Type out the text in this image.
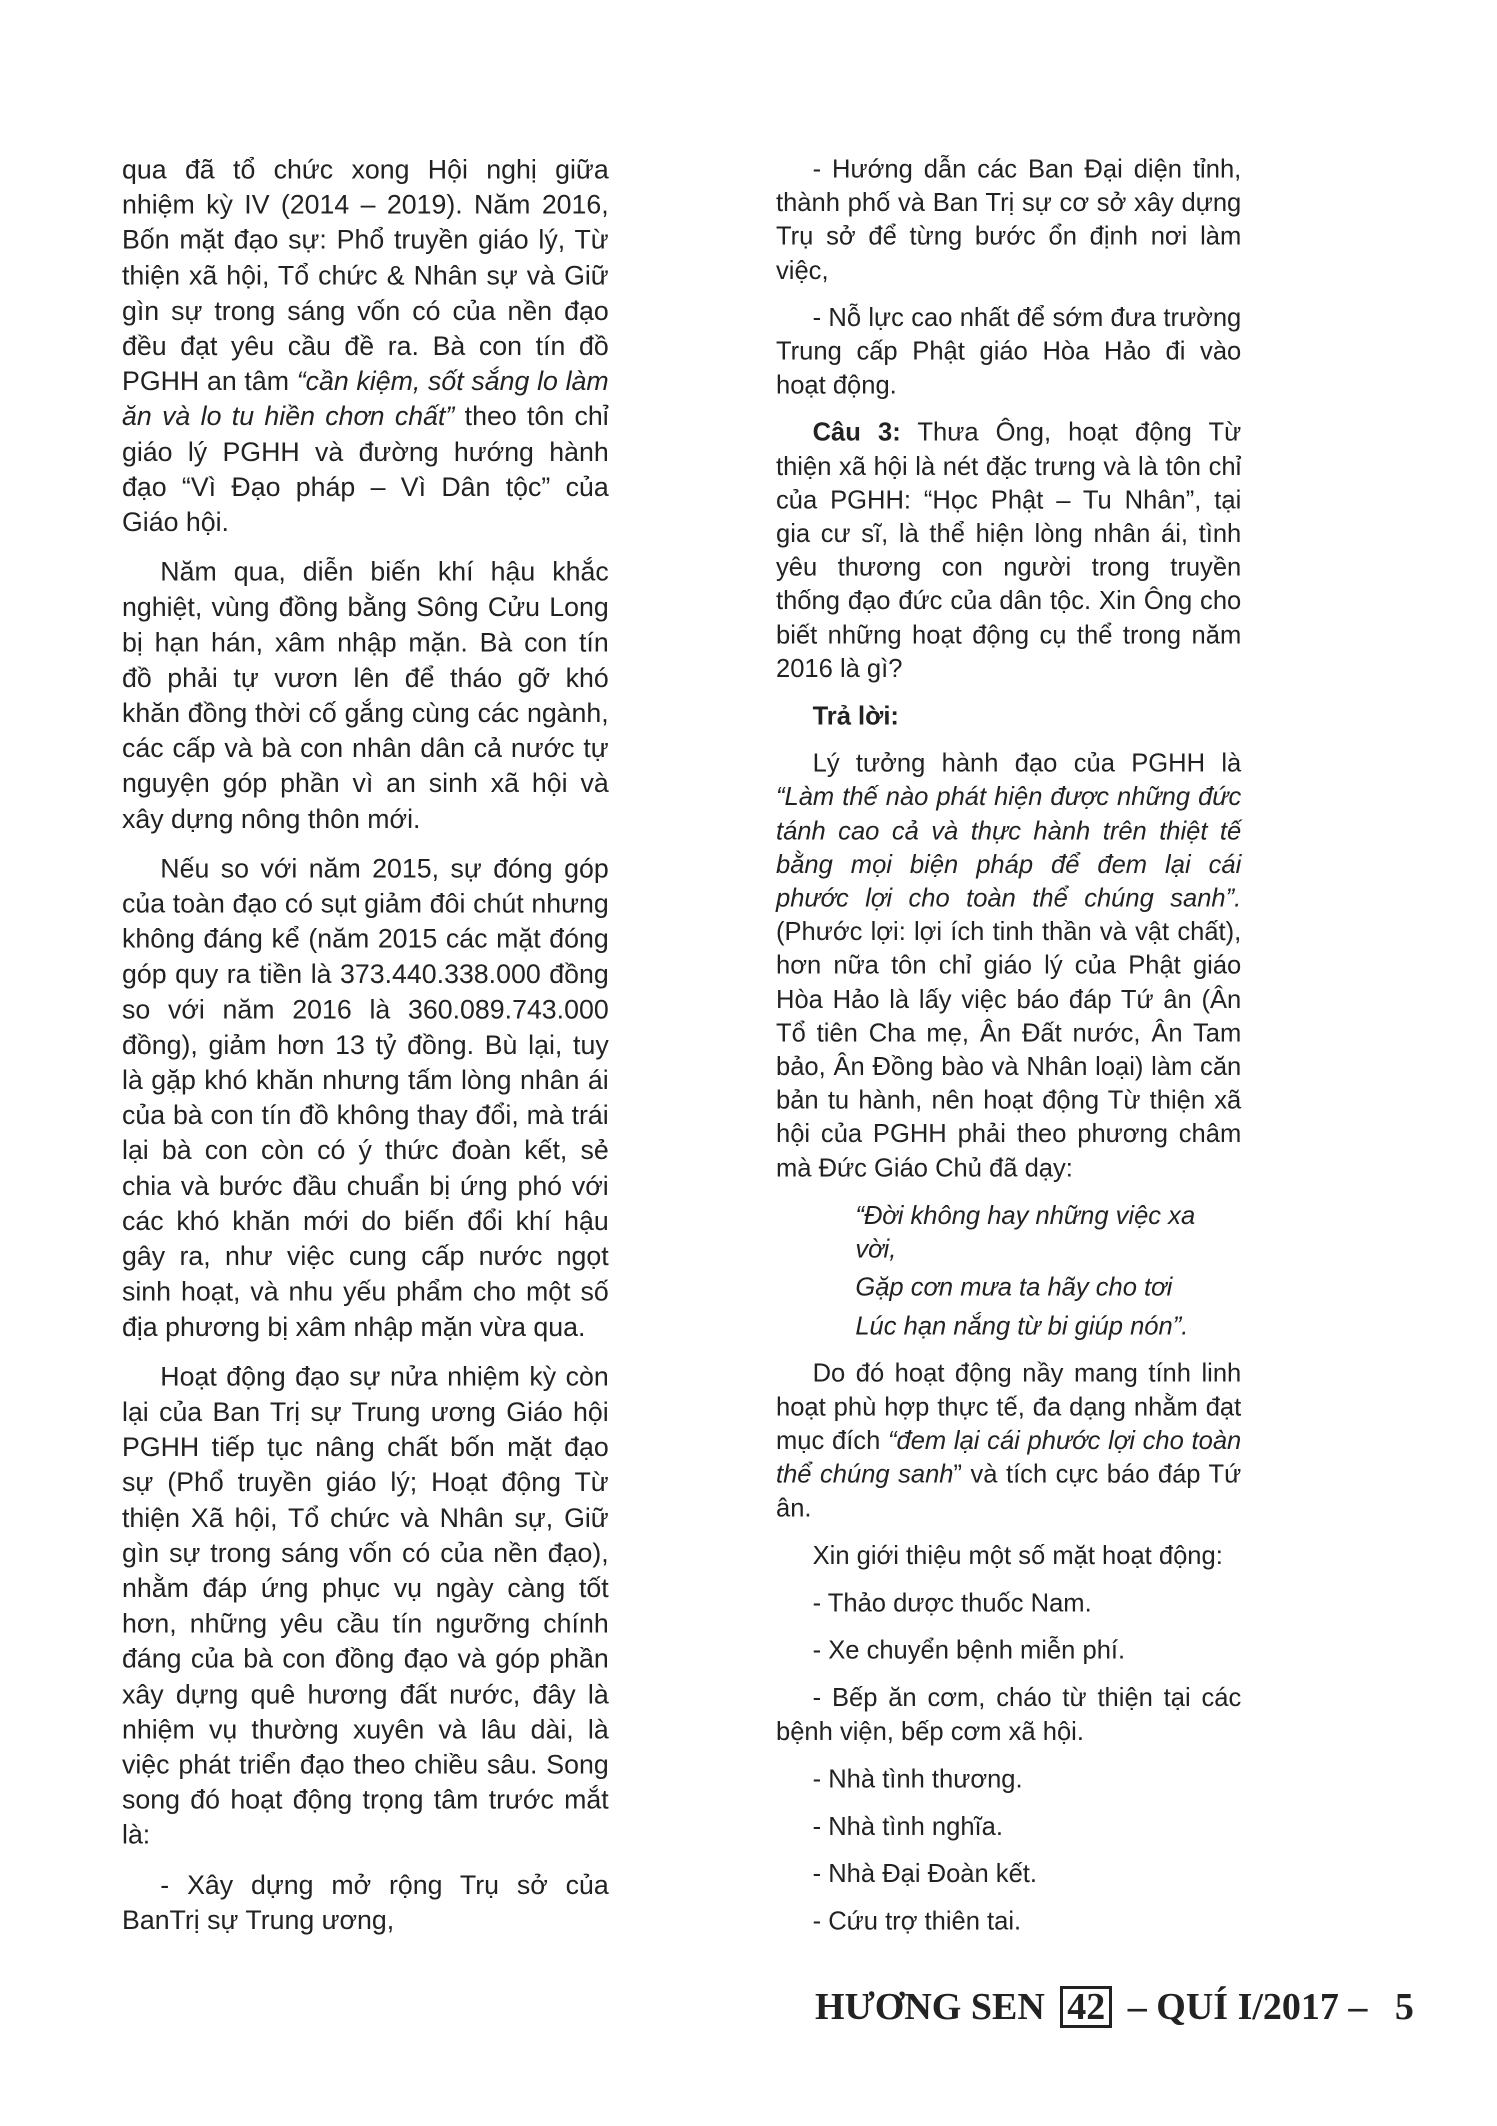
qua đã tổ chức xong Hội nghị giữa nhiệm kỳ IV (2014 – 2019). Năm 2016, Bốn mặt đạo sự: Phổ truyền giáo lý, Từ thiện xã hội, Tổ chức & Nhân sự và Giữ gìn sự trong sáng vốn có của nền đạo đều đạt yêu cầu đề ra. Bà con tín đồ PGHH an tâm “cần kiệm, sốt sắng lo làm ăn và lo tu hiền chơn chất” theo tôn chỉ giáo lý PGHH và đường hướng hành đạo “Vì Đạo pháp – Vì Dân tộc” của Giáo hội.

Năm qua, diễn biến khí hậu khắc nghiệt, vùng đồng bằng Sông Cửu Long bị hạn hán, xâm nhập mặn. Bà con tín đồ phải tự vươn lên để tháo gỡ khó khăn đồng thời cố gắng cùng các ngành, các cấp và bà con nhân dân cả nước tự nguyện góp phần vì an sinh xã hội và xây dựng nông thôn mới.

Nếu so với năm 2015, sự đóng góp của toàn đạo có sụt giảm đôi chút nhưng không đáng kể (năm 2015 các mặt đóng góp quy ra tiền là 373.440.338.000 đồng so với năm 2016 là 360.089.743.000 đồng), giảm hơn 13 tỷ đồng. Bù lại, tuy là gặp khó khăn nhưng tấm lòng nhân ái của bà con tín đồ không thay đổi, mà trái lại bà con còn có ý thức đoàn kết, sẻ chia và bước đầu chuẩn bị ứng phó với các khó khăn mới do biến đổi khí hậu gây ra, như việc cung cấp nước ngọt sinh hoạt, và nhu yếu phẩm cho một số địa phương bị xâm nhập mặn vừa qua.

Hoạt động đạo sự nửa nhiệm kỳ còn lại của Ban Trị sự Trung ương Giáo hội PGHH tiếp tục nâng chất bốn mặt đạo sự (Phổ truyền giáo lý; Hoạt động Từ thiện Xã hội, Tổ chức và Nhân sự, Giữ gìn sự trong sáng vốn có của nền đạo), nhằm đáp ứng phục vụ ngày càng tốt hơn, những yêu cầu tín ngưỡng chính đáng của bà con đồng đạo và góp phần xây dựng quê hương đất nước, đây là nhiệm vụ thường xuyên và lâu dài, là việc phát triển đạo theo chiều sâu. Song song đó hoạt động trọng tâm trước mắt là:

- Xây dựng mở rộng Trụ sở của BanTrị sự Trung ương,

- Hướng dẫn các Ban Đại diện tỉnh, thành phố và Ban Trị sự cơ sở xây dựng Trụ sở để từng bước ổn định nơi làm việc,

- Nỗ lực cao nhất để sớm đưa trường Trung cấp Phật giáo Hòa Hảo đi vào hoạt động.

Câu 3: Thưa Ông, hoạt động Từ thiện xã hội là nét đặc trưng và là tôn chỉ của PGHH: “Học Phật – Tu Nhân”, tại gia cư sĩ, là thể hiện lòng nhân ái, tình yêu thương con người trong truyền thống đạo đức của dân tộc. Xin Ông cho biết những hoạt động cụ thể trong năm 2016 là gì?

Trả lời:

Lý tưởng hành đạo của PGHH là “Làm thế nào phát hiện được những đức tánh cao cả và thực hành trên thiệt tế bằng mọi biện pháp để đem lại cái phước lợi cho toàn thể chúng sanh”. (Phước lợi: lợi ích tinh thần và vật chất), hơn nữa tôn chỉ giáo lý của Phật giáo Hòa Hảo là lấy việc báo đáp Tứ ân (Ân Tổ tiên Cha mẹ, Ân Đất nước, Ân Tam bảo, Ân Đồng bào và Nhân loại) làm căn bản tu hành, nên hoạt động Từ thiện xã hội của PGHH phải theo phương châm mà Đức Giáo Chủ đã dạy:

“Đời không hay những việc xa vời,

Gặp cơn mưa ta hãy cho tơi

Lúc hạn nắng từ bi giúp nón”.

Do đó hoạt động nầy mang tính linh hoạt phù hợp thực tế, đa dạng nhằm đạt mục đích “đem lại cái phước lợi cho toàn thể chúng sanh” và tích cực báo đáp Tứ ân.

Xin giới thiệu một số mặt hoạt động:

- Thảo dược thuốc Nam.

- Xe chuyển bệnh miễn phí.

- Bếp ăn cơm, cháo từ thiện tại các bệnh viện, bếp cơm xã hội.

- Nhà tình thương.

- Nhà tình nghĩa.

- Nhà Đại Đoàn kết.

- Cứu trợ thiên tai.

HƯƠNG SEN 42 – QUÍ I/2017 – 5
